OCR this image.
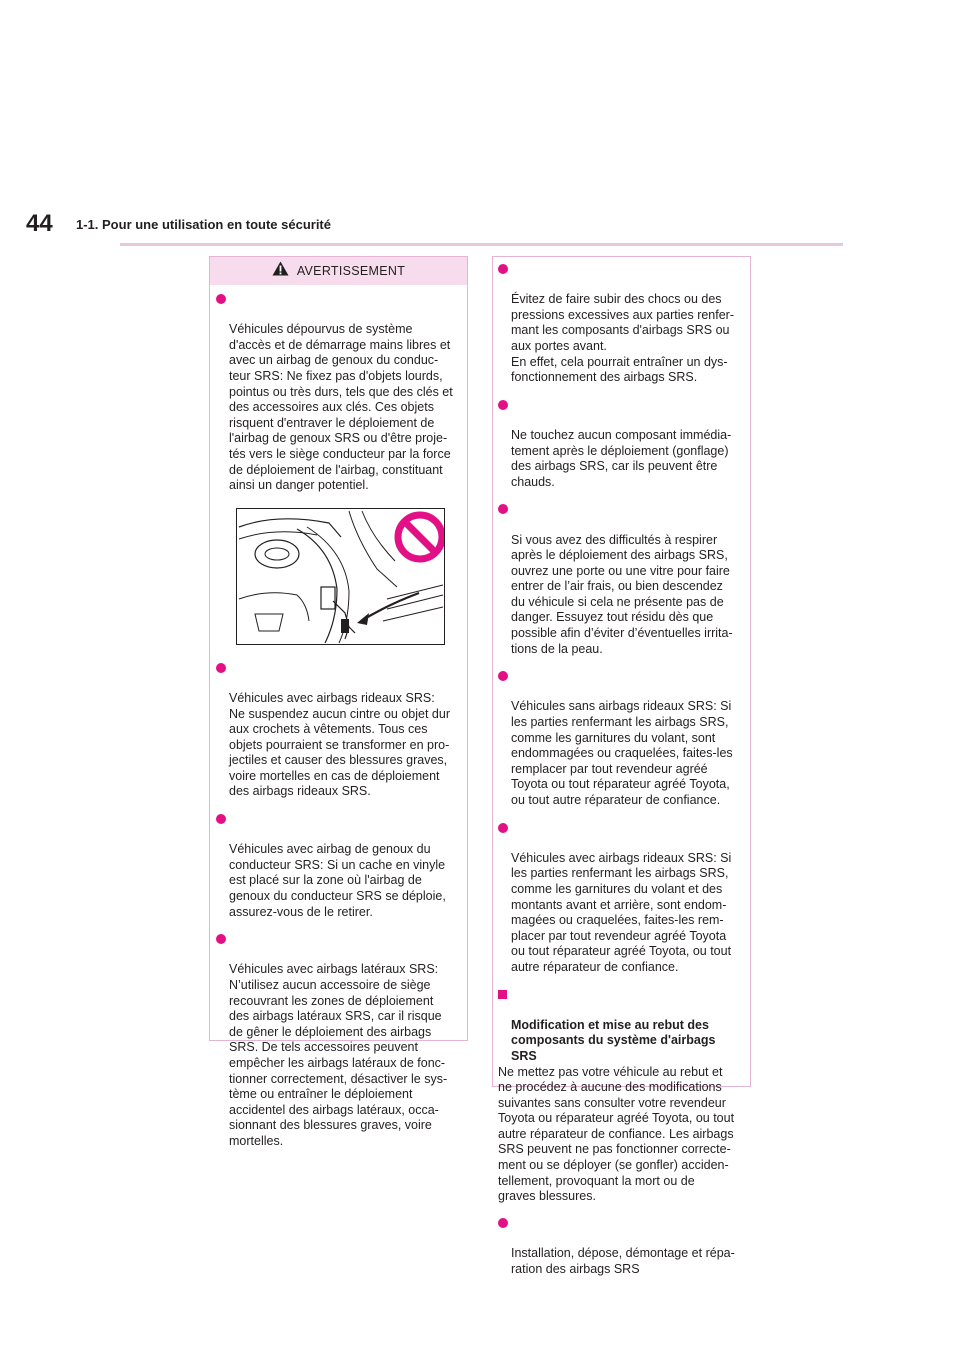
44 1-1. Pour une utilisation en toute sécurité
AVERTISSEMENT

Véhicules dépourvus de système
d'accès et de démarrage mains libres et
avec un airbag de genoux du conduc-
teur SRS: Ne fixez pas d'objets lourds,
pointus ou très durs, tels que des clés et
des accessoires aux clés. Ces objets
risquent d'entraver le déploiement de
l'airbag de genoux SRS ou d'être proje-
tés vers le siège conducteur par la force
de déploiement de l'airbag, constituant
ainsi un danger potentiel.

Véhicules avec airbags rideaux SRS:
Ne suspendez aucun cintre ou objet dur
aux crochets à vêtements. Tous ces
objets pourraient se transformer en pro-
jectiles et causer des blessures graves,
voire mortelles en cas de déploiement
des airbags rideaux SRS.

Véhicules avec airbag de genoux du
conducteur SRS: Si un cache en vinyle
est placé sur la zone où l'airbag de
genoux du conducteur SRS se déploie,
assurez-vous de le retirer.

Véhicules avec airbags latéraux SRS:
N’utilisez aucun accessoire de siège
recouvrant les zones de déploiement
des airbags latéraux SRS, car il risque
de gêner le déploiement des airbags
SRS. De tels accessoires peuvent
empêcher les airbags latéraux de fonc-
tionner correctement, désactiver le sys-
tème ou entraîner le déploiement
accidentel des airbags latéraux, occa-
sionnant des blessures graves, voire
mortelles.

Évitez de faire subir des chocs ou des
pressions excessives aux parties renfer-
mant les composants d'airbags SRS ou
aux portes avant.
En effet, cela pourrait entraîner un dys-
fonctionnement des airbags SRS.

Ne touchez aucun composant immédia-
tement après le déploiement (gonflage)
des airbags SRS, car ils peuvent être
chauds.

Si vous avez des difficultés à respirer
après le déploiement des airbags SRS,
ouvrez une porte ou une vitre pour faire
entrer de l’air frais, ou bien descendez
du véhicule si cela ne présente pas de
danger. Essuyez tout résidu dès que
possible afin d’éviter d’éventuelles irrita-
tions de la peau.

Véhicules sans airbags rideaux SRS: Si
les parties renfermant les airbags SRS,
comme les garnitures du volant, sont
endommagées ou craquelées, faites-les
remplacer par tout revendeur agréé
Toyota ou tout réparateur agréé Toyota,
ou tout autre réparateur de confiance.

Véhicules avec airbags rideaux SRS: Si
les parties renfermant les airbags SRS,
comme les garnitures du volant et des
montants avant et arrière, sont endom-
magées ou craquelées, faites-les rem-
placer par tout revendeur agréé Toyota
ou tout réparateur agréé Toyota, ou tout
autre réparateur de confiance.

Modification et mise au rebut des
composants du système d'airbags
SRS

Ne mettez pas votre véhicule au rebut et
ne procédez à aucune des modifications
suivantes sans consulter votre revendeur
Toyota ou réparateur agréé Toyota, ou tout
autre réparateur de confiance. Les airbags
SRS peuvent ne pas fonctionner correcte-
ment ou se déployer (se gonfler) acciden-
tellement, provoquant la mort ou de
graves blessures.

Installation, dépose, démontage et répa-
ration des airbags SRS
